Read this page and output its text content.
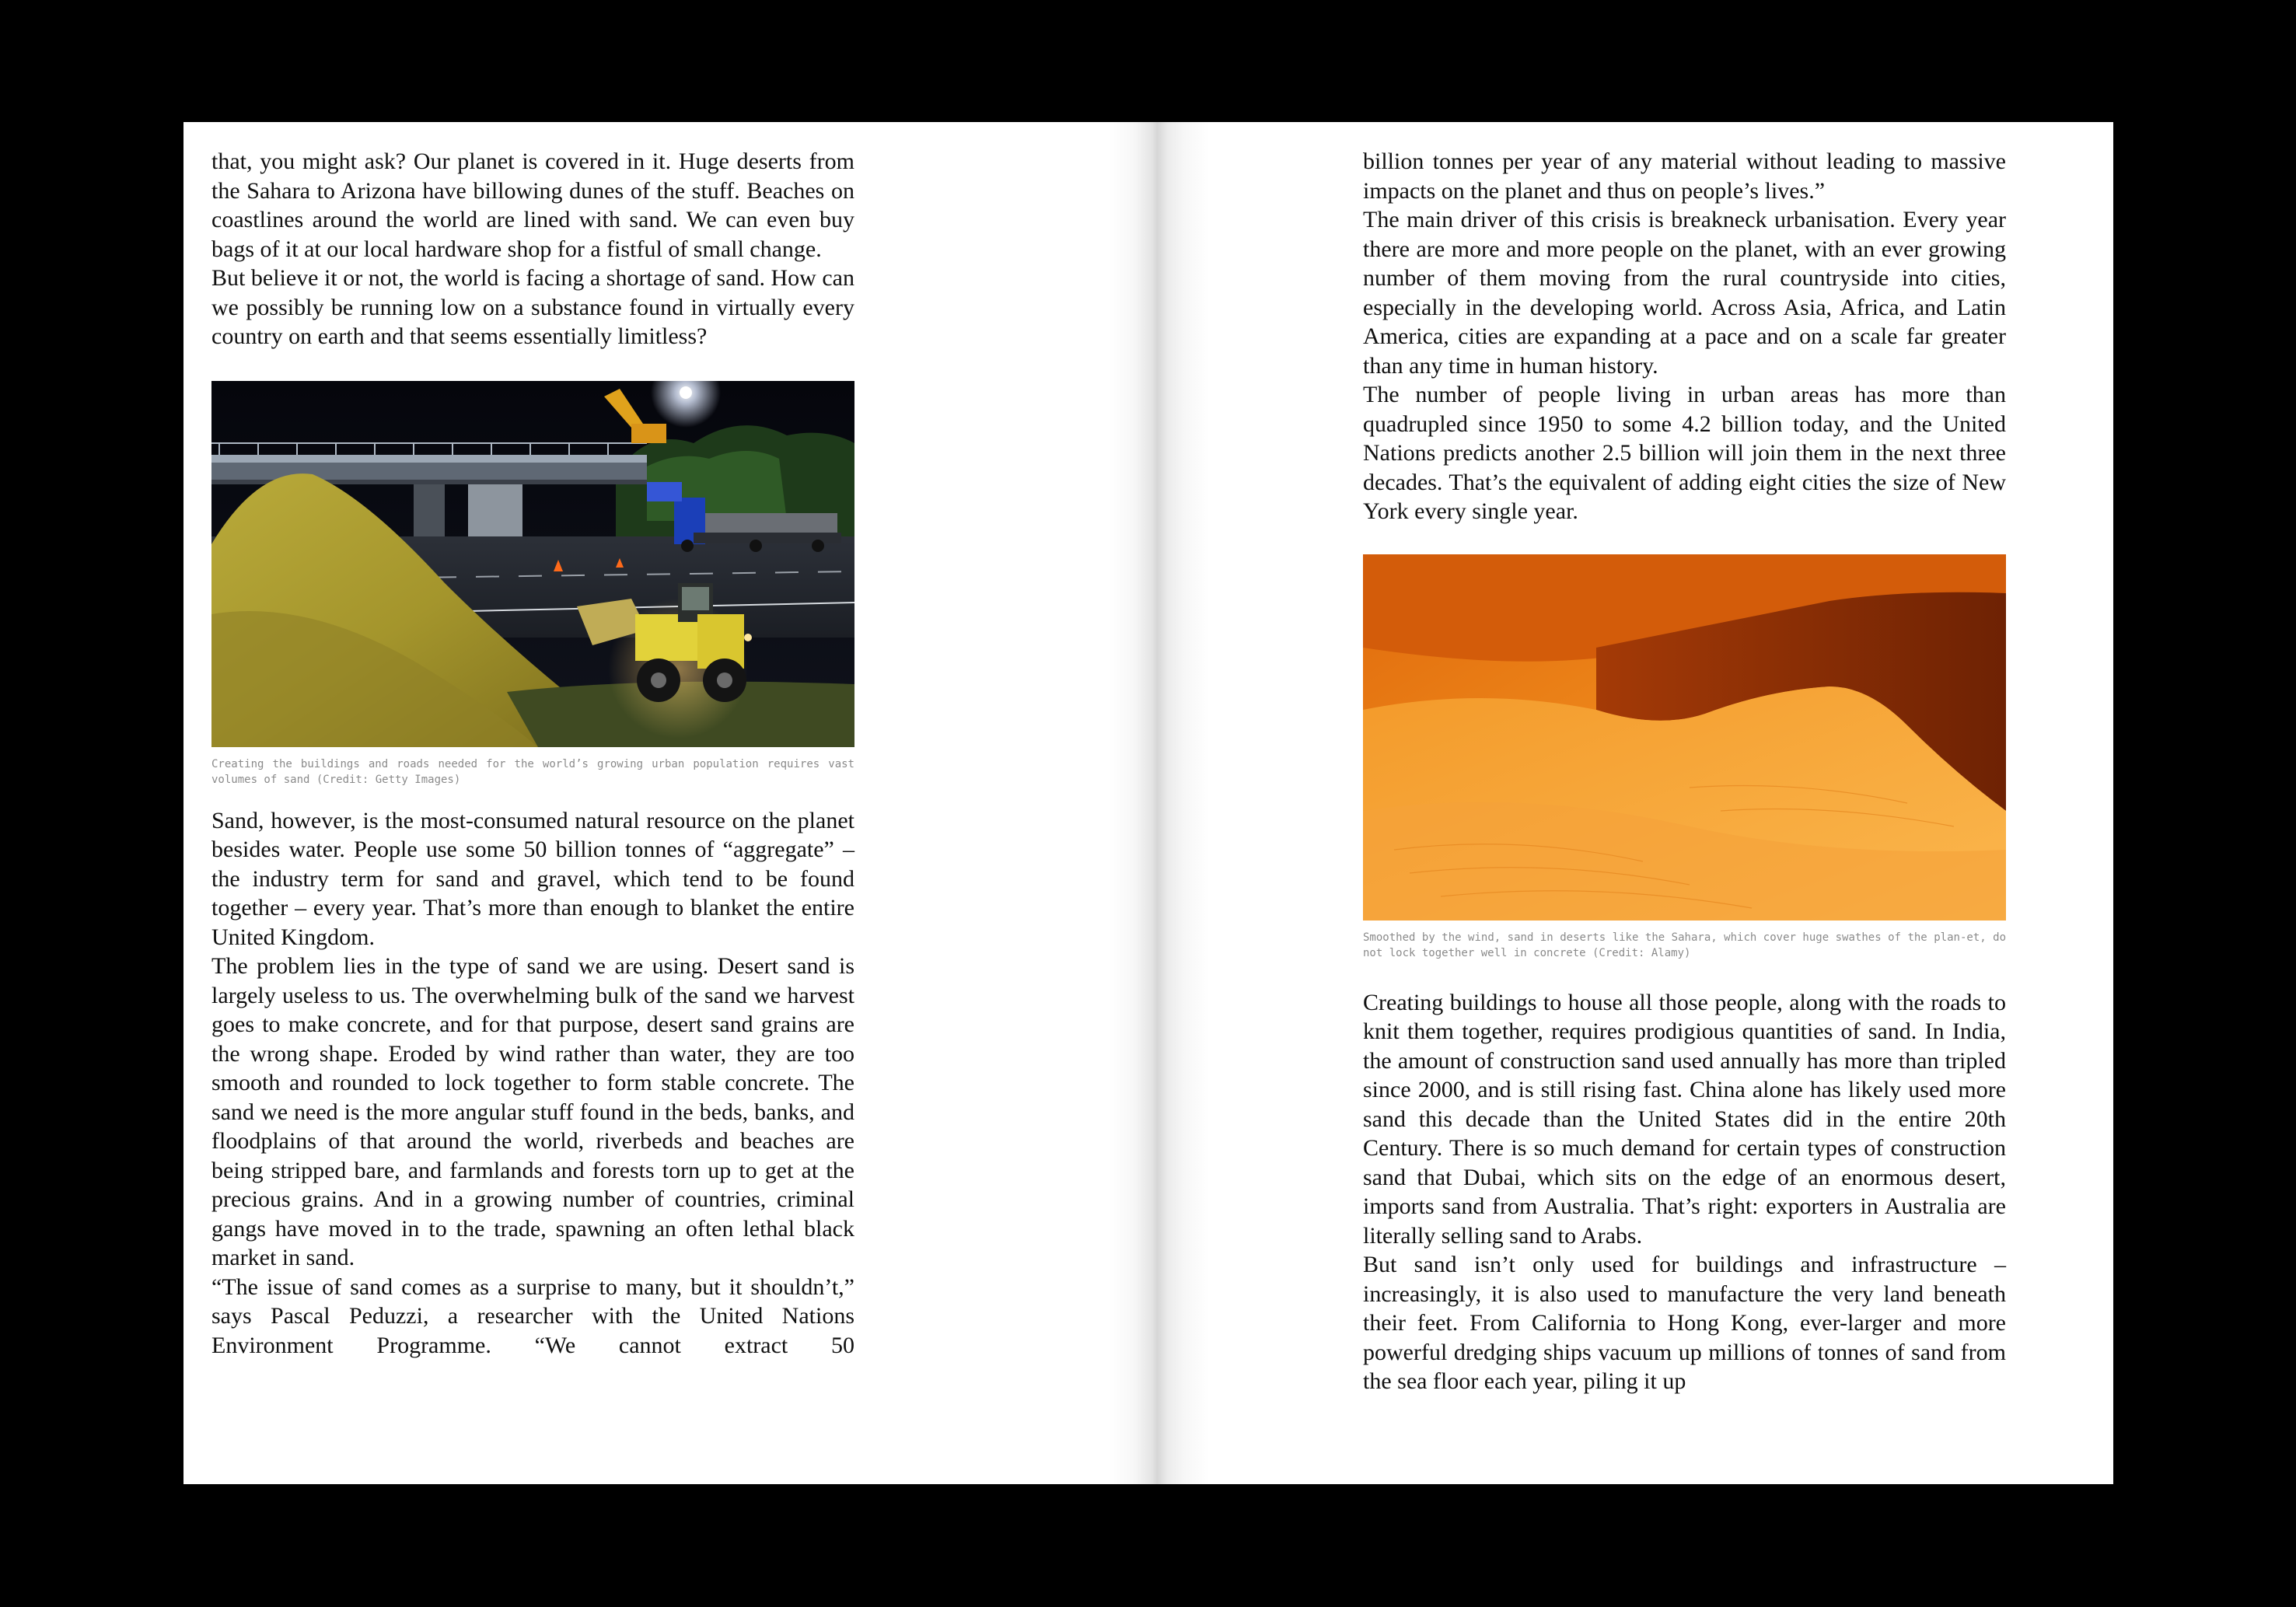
that, you might ask? Our planet is covered in it. Huge deserts from the Sahara to Arizona have billowing dunes of the stuff. Beaches on coastlines around the world are lined with sand. We can even buy bags of it at our local hardware shop for a fistful of small change.

But believe it or not, the world is facing a shortage of sand. How can we possibly be running low on a substance found in virtually every country on earth and that seems essentially limitless?

Creating the buildings and roads needed for the world’s growing urban population requires vast volumes of sand (Credit: Getty Images)

Sand, however, is the most-consumed natural resource on the planet besides water. People use some 50 billion tonnes of “aggregate” – the industry term for sand and gravel, which tend to be found together – every year. That’s more than enough to blanket the entire United Kingdom.

The problem lies in the type of sand we are using. Desert sand is largely useless to us. The overwhelming bulk of the sand we harvest goes to make concrete, and for that purpose, desert sand grains are the wrong shape. Eroded by wind rather than water, they are too smooth and rounded to lock together to form stable concrete. The sand we need is the more angular stuff found in the beds, banks, and floodplains of that around the world, riverbeds and beaches are being stripped bare, and farmlands and forests torn up to get at the precious grains. And in a growing number of countries, criminal gangs have moved in to the trade, spawning an often lethal black market in sand.

“The issue of sand comes as a surprise to many, but it shouldn’t,” says Pascal Peduzzi, a researcher with the United Nations Environment Programme. “We cannot extract 50

billion tonnes per year of any material without leading to massive impacts on the planet and thus on people’s lives.”

The main driver of this crisis is breakneck urbanisation. Every year there are more and more people on the planet, with an ever growing number of them moving from the rural countryside into cities, especially in the developing world. Across Asia, Africa, and Latin America, cities are expanding at a pace and on a scale far greater than any time in human history.

The number of people living in urban areas has more than quadrupled since 1950 to some 4.2 billion today, and the United Nations predicts another 2.5 billion will join them in the next three decades. That’s the equivalent of adding eight cities the size of New York every single year.

Smoothed by the wind, sand in deserts like the Sahara, which cover huge swathes of the plan-et, do not lock together well in concrete (Credit: Alamy)

Creating buildings to house all those people, along with the roads to knit them together, requires prodigious quantities of sand. In India, the amount of construction sand used annually has more than tripled since 2000, and is still rising fast. China alone has likely used more sand this decade than the United States did in the entire 20th Century. There is so much demand for certain types of construction sand that Dubai, which sits on the edge of an enormous desert, imports sand from Australia. That’s right: exporters in Australia are literally selling sand to Arabs.

But sand isn’t only used for buildings and infrastructure – increasingly, it is also used to manufacture the very land beneath their feet. From California to Hong Kong, ever-larger and more powerful dredging ships vacuum up millions of tonnes of sand from the sea floor each year, piling it up
